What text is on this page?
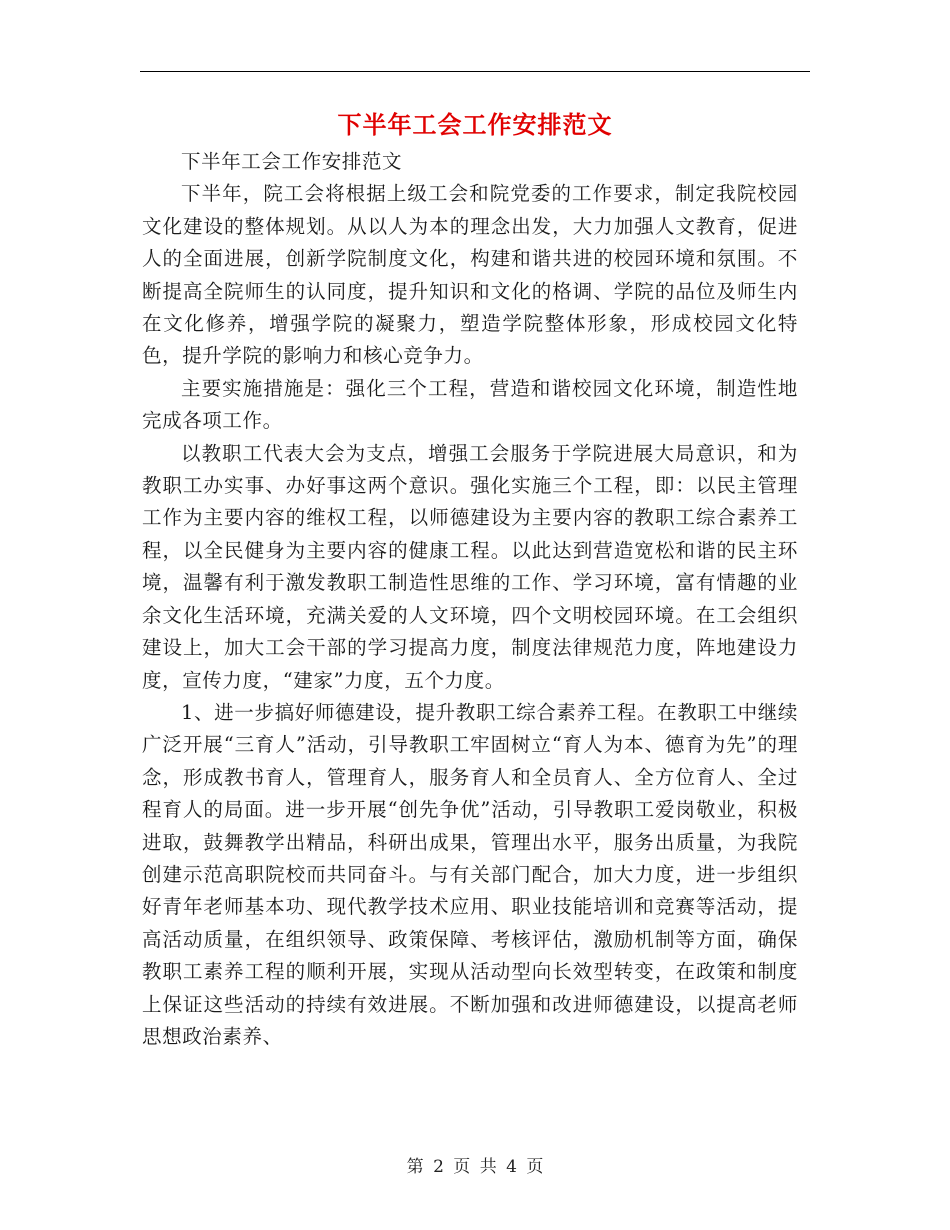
下半年工会工作安排范文

下半年工会工作安排范文

下半年，院工会将根据上级工会和院党委的工作要求，制定我院校园文化建设的整体规划。从以人为本的理念出发，大力加强人文教育，促进人的全面进展，创新学院制度文化，构建和谐共进的校园环境和氛围。不断提高全院师生的认同度，提升知识和文化的格调、学院的品位及师生内在文化修养，增强学院的凝聚力，塑造学院整体形象，形成校园文化特色，提升学院的影响力和核心竞争力。

主要实施措施是：强化三个工程，营造和谐校园文化环境，制造性地完成各项工作。

以教职工代表大会为支点，增强工会服务于学院进展大局意识，和为教职工办实事、办好事这两个意识。强化实施三个工程，即：以民主管理工作为主要内容的维权工程，以师德建设为主要内容的教职工综合素养工程，以全民健身为主要内容的健康工程。以此达到营造宽松和谐的民主环境，温馨有利于激发教职工制造性思维的工作、学习环境，富有情趣的业余文化生活环境，充满关爱的人文环境，四个文明校园环境。在工会组织建设上，加大工会干部的学习提高力度，制度法律规范力度，阵地建设力度，宣传力度，“建家”力度，五个力度。

1、进一步搞好师德建设，提升教职工综合素养工程。在教职工中继续广泛开展“三育人”活动，引导教职工牢固树立“育人为本、德育为先”的理念，形成教书育人，管理育人，服务育人和全员育人、全方位育人、全过程育人的局面。进一步开展“创先争优”活动，引导教职工爱岗敬业，积极进取，鼓舞教学出精品，科研出成果，管理出水平，服务出质量，为我院创建示范高职院校而共同奋斗。与有关部门配合，加大力度，进一步组织好青年老师基本功、现代教学技术应用、职业技能培训和竞赛等活动，提高活动质量，在组织领导、政策保障、考核评估，激励机制等方面，确保教职工素养工程的顺利开展，实现从活动型向长效型转变，在政策和制度上保证这些活动的持续有效进展。不断加强和改进师德建设，以提高老师思想政治素养、

第 2 页 共 4 页
